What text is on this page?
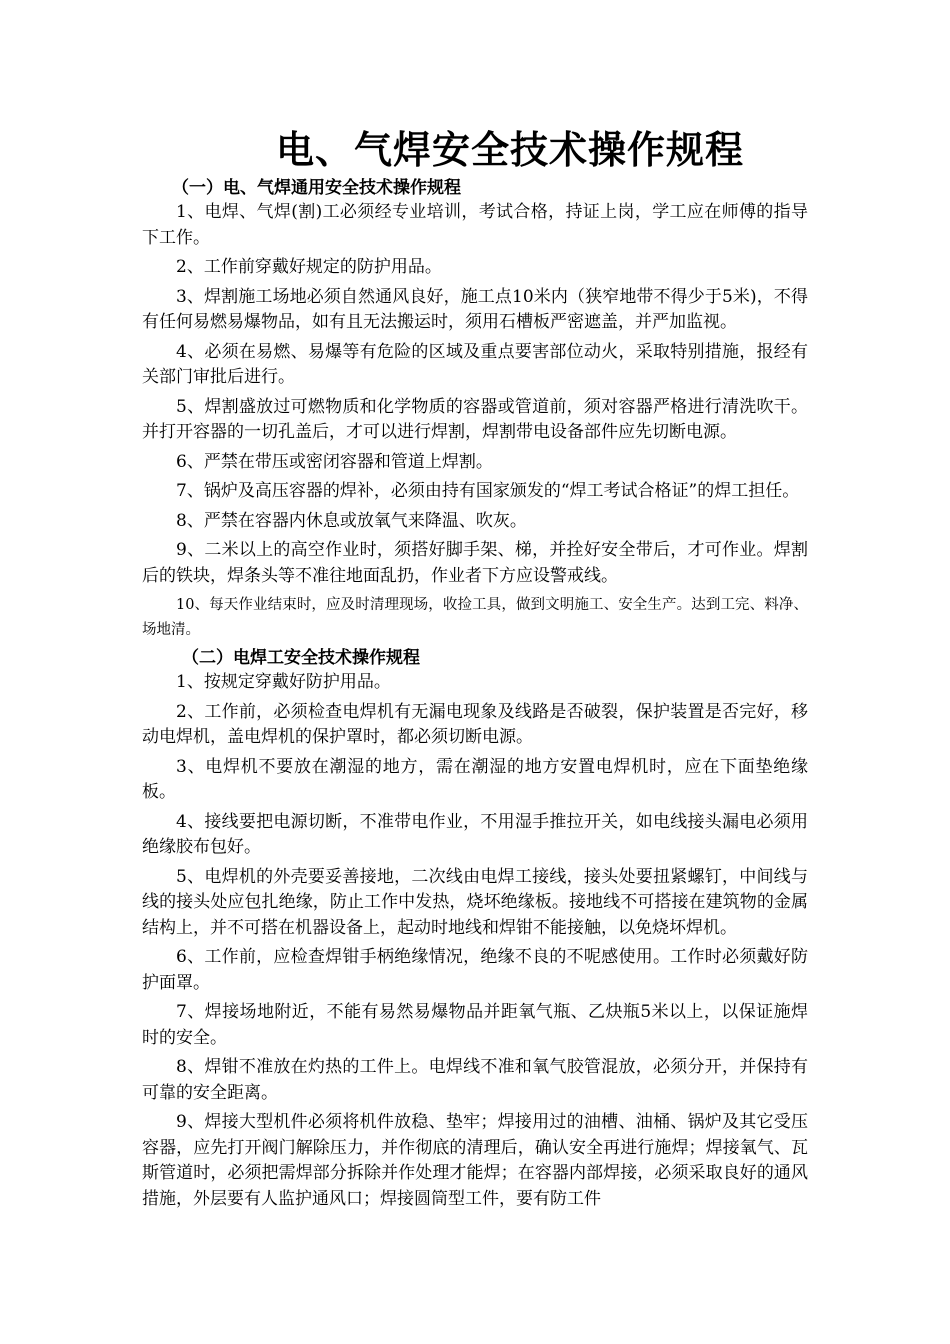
电、气焊安全技术操作规程
（一）电、气焊通用安全技术操作规程

1、电焊、气焊(割)工必须经专业培训，考试合格，持证上岗，学工应在师傅的指导下工作。

2、工作前穿戴好规定的防护用品。

3、焊割施工场地必须自然通风良好，施工点10米内（狭窄地带不得少于5米)，不得有任何易燃易爆物品，如有且无法搬运时，须用石槽板严密遮盖，并严加监视。

4、必须在易燃、易爆等有危险的区域及重点要害部位动火，采取特别措施，报经有关部门审批后进行。

5、焊割盛放过可燃物质和化学物质的容器或管道前，须对容器严格进行清洗吹干。并打开容器的一切孔盖后，才可以进行焊割，焊割带电设备部件应先切断电源。

6、严禁在带压或密闭容器和管道上焊割。

7、锅炉及高压容器的焊补，必须由持有国家颁发的“焊工考试合格证”的焊工担任。

8、严禁在容器内休息或放氧气来降温、吹灰。

9、二米以上的高空作业时，须搭好脚手架、梯，并拴好安全带后，才可作业。焊割后的铁块，焊条头等不准往地面乱扔，作业者下方应设警戒线。

10、每天作业结束时，应及时清理现场，收捡工具，做到文明施工、安全生产。达到工完、料净、场地清。

（二）电焊工安全技术操作规程

1、按规定穿戴好防护用品。

2、工作前，必须检查电焊机有无漏电现象及线路是否破裂，保护装置是否完好，移动电焊机，盖电焊机的保护罩时，都必须切断电源。

3、电焊机不要放在潮湿的地方，需在潮湿的地方安置电焊机时，应在下面垫绝缘板。

4、接线要把电源切断，不准带电作业，不用湿手推拉开关，如电线接头漏电必须用绝缘胶布包好。

5、电焊机的外壳要妥善接地，二次线由电焊工接线，接头处要扭紧螺钉，中间线与线的接头处应包扎绝缘，防止工作中发热，烧坏绝缘板。接地线不可搭接在建筑物的金属结构上，并不可搭在机器设备上，起动时地线和焊钳不能接触，以免烧坏焊机。

6、工作前，应检查焊钳手柄绝缘情况，绝缘不良的不呢感使用。工作时必须戴好防护面罩。

7、焊接场地附近，不能有易然易爆物品并距氧气瓶、乙炔瓶5米以上，以保证施焊时的安全。

8、焊钳不准放在灼热的工件上。电焊线不准和氧气胶管混放，必须分开，并保持有可靠的安全距离。

9、焊接大型机件必须将机件放稳、垫牢；焊接用过的油槽、油桶、锅炉及其它受压容器，应先打开阀门解除压力，并作彻底的清理后，确认安全再进行施焊；焊接氧气、瓦斯管道时，必须把需焊部分拆除并作处理才能焊；在容器内部焊接，必须采取良好的通风措施，外层要有人监护通风口；焊接圆筒型工件，要有防工件
